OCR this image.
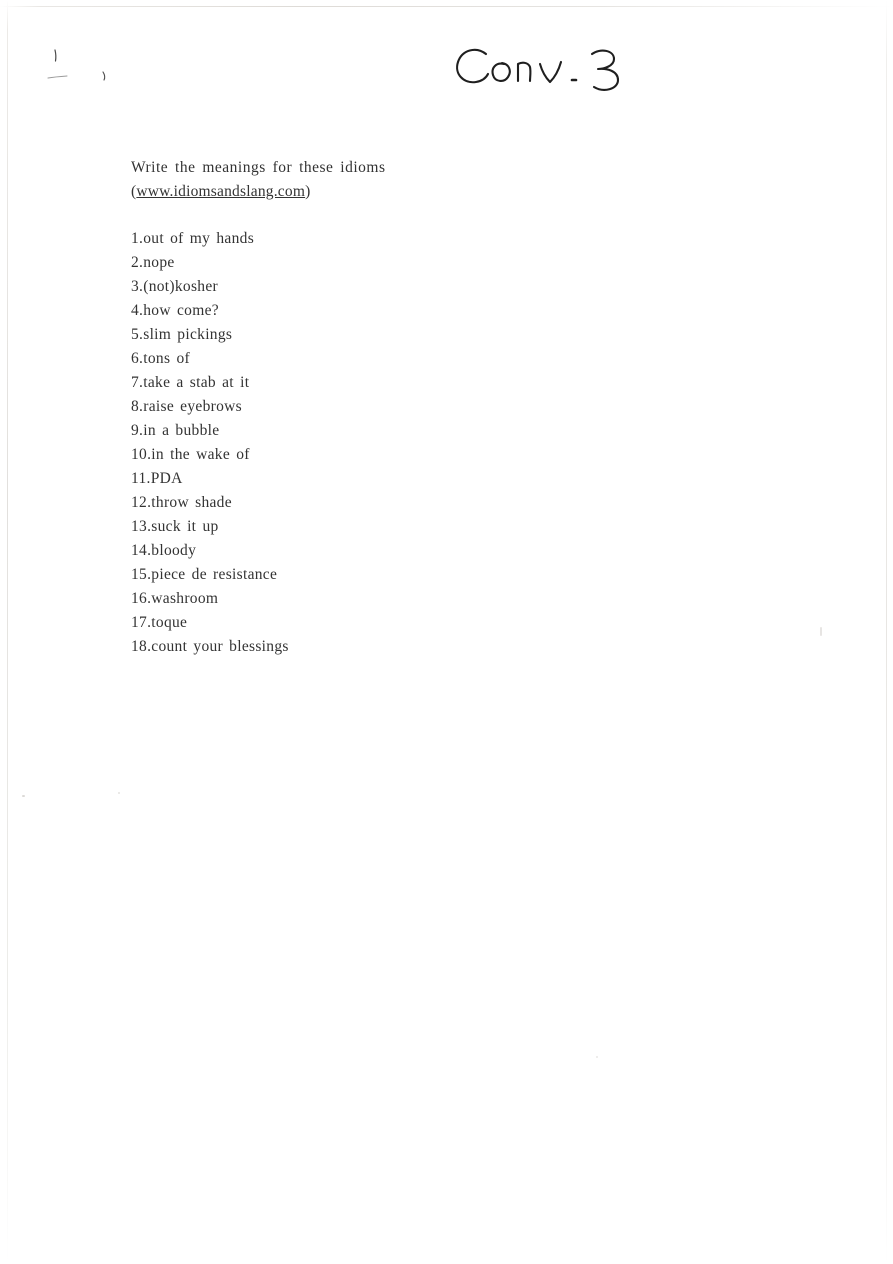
Write the meanings for these idioms
(www.idiomsandslang.com)
1.out of my hands
2.nope
3.(not)kosher
4.how come?
5.slim pickings
6.tons of
7.take a stab at it
8.raise eyebrows
9.in a bubble
10.in the wake of
11.PDA
12.throw shade
13.suck it up
14.bloody
15.piece de resistance
16.washroom
17.toque
18.count your blessings
